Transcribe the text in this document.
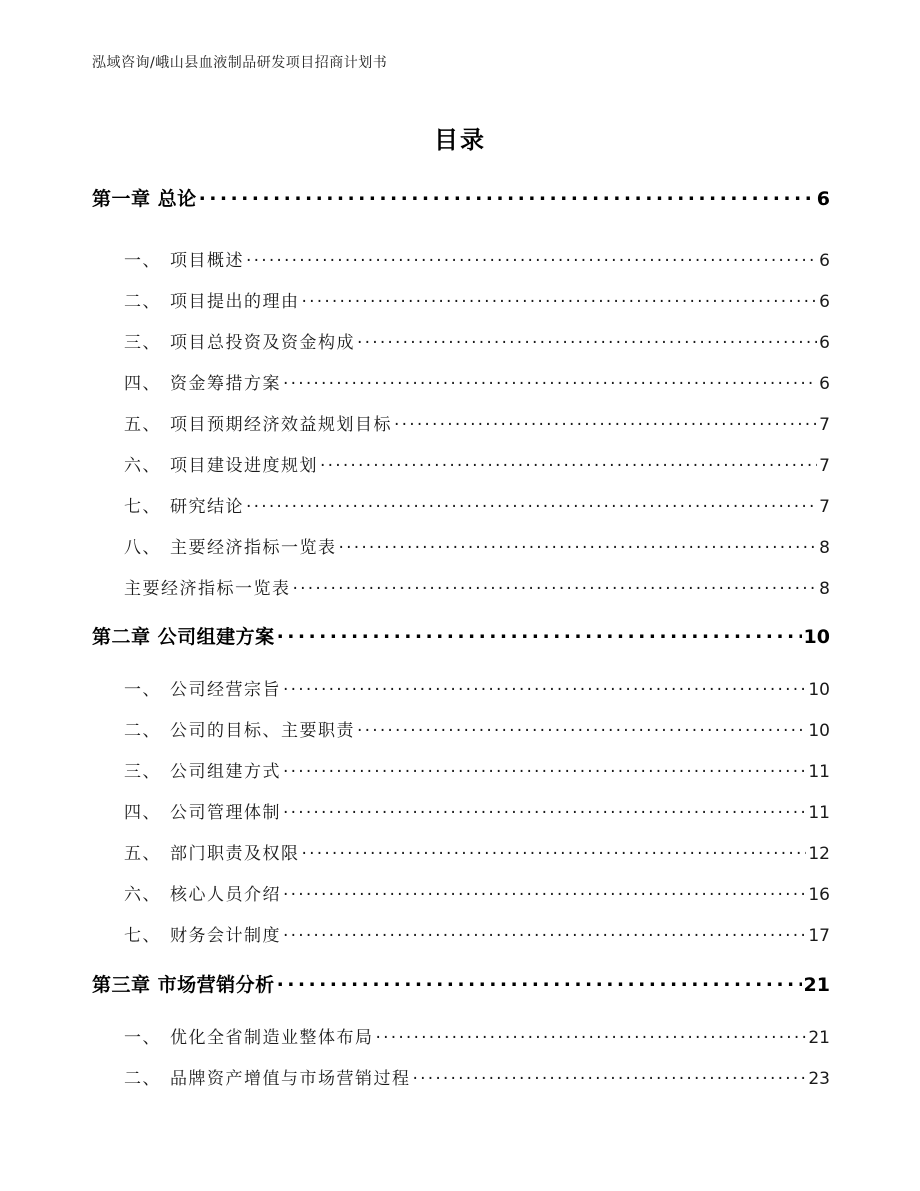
泓域咨询/峨山县血液制品研发项目招商计划书
目录
第一章 总论 . . .	6
一、 项目概述 . . .	6
二、 项目提出的理由 . . .	6
三、 项目总投资及资金构成 . . .	6
四、 资金筹措方案 . . .	6
五、 项目预期经济效益规划目标 . . .	7
六、 项目建设进度规划 . . .	7
七、 研究结论 . . .	7
八、 主要经济指标一览表 . . .	8
主要经济指标一览表 . . .	8
第二章 公司组建方案 . . .	10
一、 公司经营宗旨 . . .	10
二、 公司的目标、主要职责 . . .	10
三、 公司组建方式 . . .	11
四、 公司管理体制 . . .	11
五、 部门职责及权限 . . .	12
六、 核心人员介绍 . . .	16
七、 财务会计制度 . . .	17
第三章 市场营销分析 . . .	21
一、 优化全省制造业整体布局 . . .	21
二、 品牌资产增值与市场营销过程 . . .	23
